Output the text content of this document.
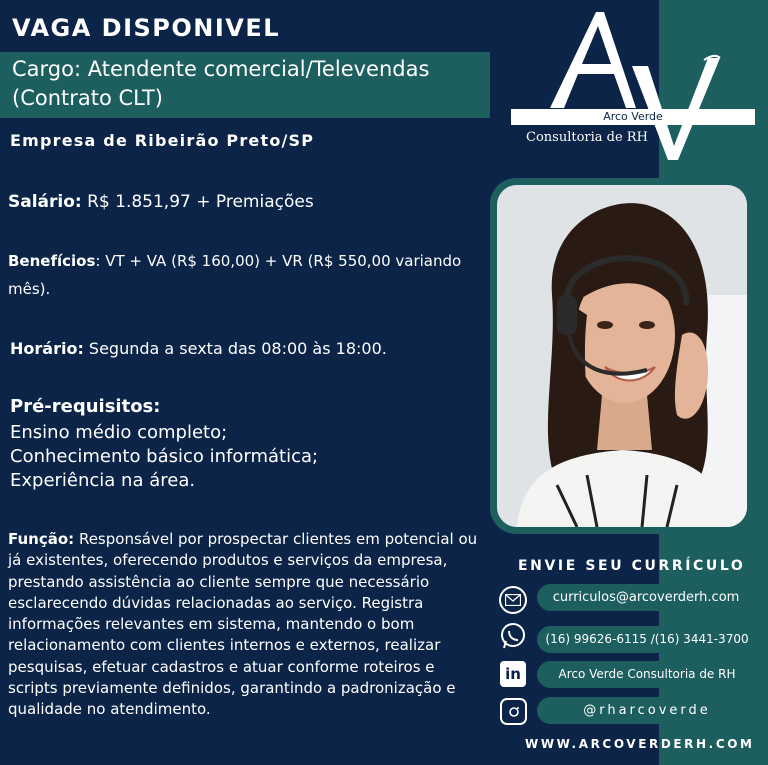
VAGA DISPONIVEL
Cargo: Atendente comercial/Televendas
(Contrato CLT)
Empresa de Ribeirão Preto/SP
Salário: R$ 1.851,97 + Premiações
Benefícios: VT + VA (R$ 160,00) + VR (R$ 550,00 variando mês).
Horário: Segunda a sexta das 08:00 às 18:00.
Pré-requisitos:
Ensino médio completo;
Conhecimento básico informática;
Experiência na área.
Função: Responsável por prospectar clientes em potencial ou já existentes, oferecendo produtos e serviços da empresa, prestando assistência ao cliente sempre que necessário esclarecendo dúvidas relacionadas ao serviço. Registra informações relevantes em sistema, mantendo o bom relacionamento com clientes internos e externos, realizar pesquisas, efetuar cadastros e atuar conforme roteiros e scripts previamente definidos, garantindo a padronização e qualidade no atendimento.
Arco Verde
Consultoria de RH
ENVIE SEU CURRÍCULO
curriculos@arcoverderh.com
(16) 99626-6115 /(16) 3441-3700
in	Arco Verde Consultoria de RH
@rharcoverde
WWW.ARCOVERDERH.COM
